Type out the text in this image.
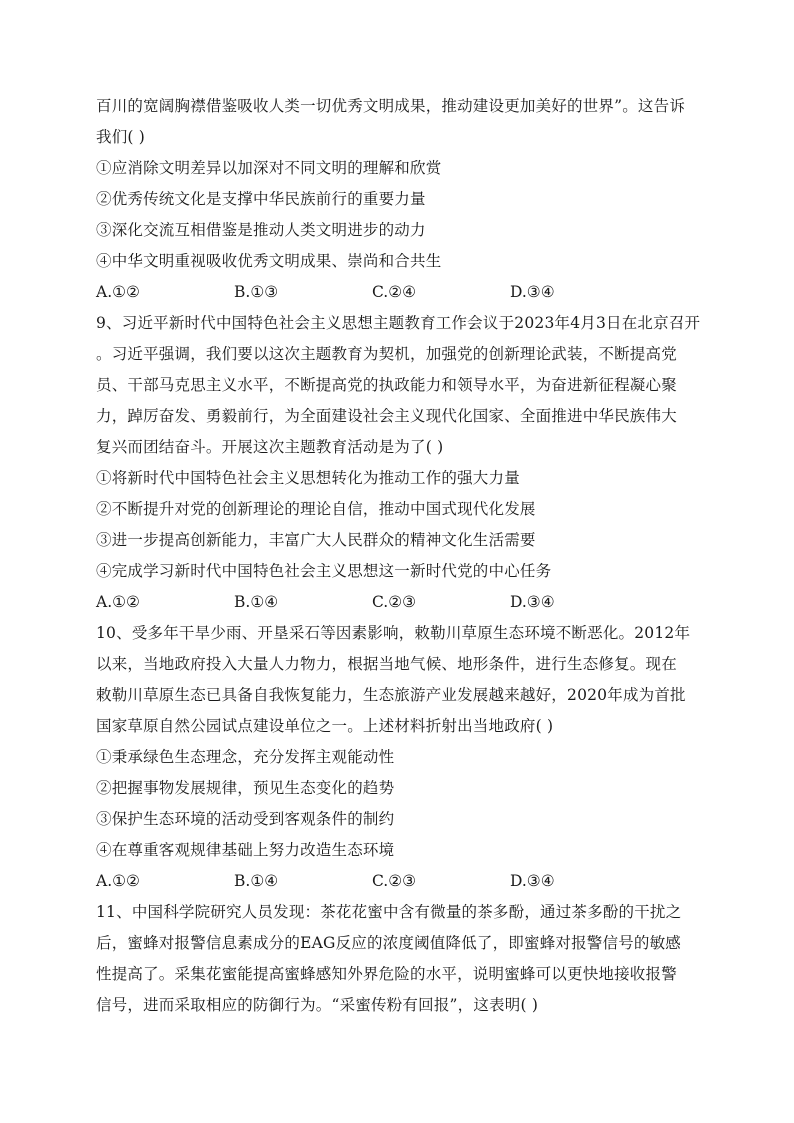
百川的宽阔胸襟借鉴吸收人类一切优秀文明成果，推动建设更加美好的世界”。这告诉
我们( )
①应消除文明差异以加深对不同文明的理解和欣赏
②优秀传统文化是支撑中华民族前行的重要力量
③深化交流互相借鉴是推动人类文明进步的动力
④中华文明重视吸收优秀文明成果、崇尚和合共生
A.①②	B.①③	C.②④	D.③④
9、习近平新时代中国特色社会主义思想主题教育工作会议于2023年4月3日在北京召开
。习近平强调，我们要以这次主题教育为契机，加强党的创新理论武装，不断提高党
员、干部马克思主义水平，不断提高党的执政能力和领导水平，为奋进新征程凝心聚
力，踔厉奋发、勇毅前行，为全面建设社会主义现代化国家、全面推进中华民族伟大
复兴而团结奋斗。开展这次主题教育活动是为了( )
①将新时代中国特色社会主义思想转化为推动工作的强大力量
②不断提升对党的创新理论的理论自信，推动中国式现代化发展
③进一步提高创新能力，丰富广大人民群众的精神文化生活需要
④完成学习新时代中国特色社会主义思想这一新时代党的中心任务
A.①②	B.①④	C.②③	D.③④
10、受多年干旱少雨、开垦采石等因素影响，敕勒川草原生态环境不断恶化。2012年
以来，当地政府投入大量人力物力，根据当地气候、地形条件，进行生态修复。现在
敕勒川草原生态已具备自我恢复能力，生态旅游产业发展越来越好，2020年成为首批
国家草原自然公园试点建设单位之一。上述材料折射出当地政府( )
①秉承绿色生态理念，充分发挥主观能动性
②把握事物发展规律，预见生态变化的趋势
③保护生态环境的活动受到客观条件的制约
④在尊重客观规律基础上努力改造生态环境
A.①②	B.①④	C.②③	D.③④
11、中国科学院研究人员发现：茶花花蜜中含有微量的茶多酚，通过茶多酚的干扰之
后，蜜蜂对报警信息素成分的EAG反应的浓度阈值降低了，即蜜蜂对报警信号的敏感
性提高了。采集花蜜能提高蜜蜂感知外界危险的水平，说明蜜蜂可以更快地接收报警
信号，进而采取相应的防御行为。“采蜜传粉有回报”，这表明( )
